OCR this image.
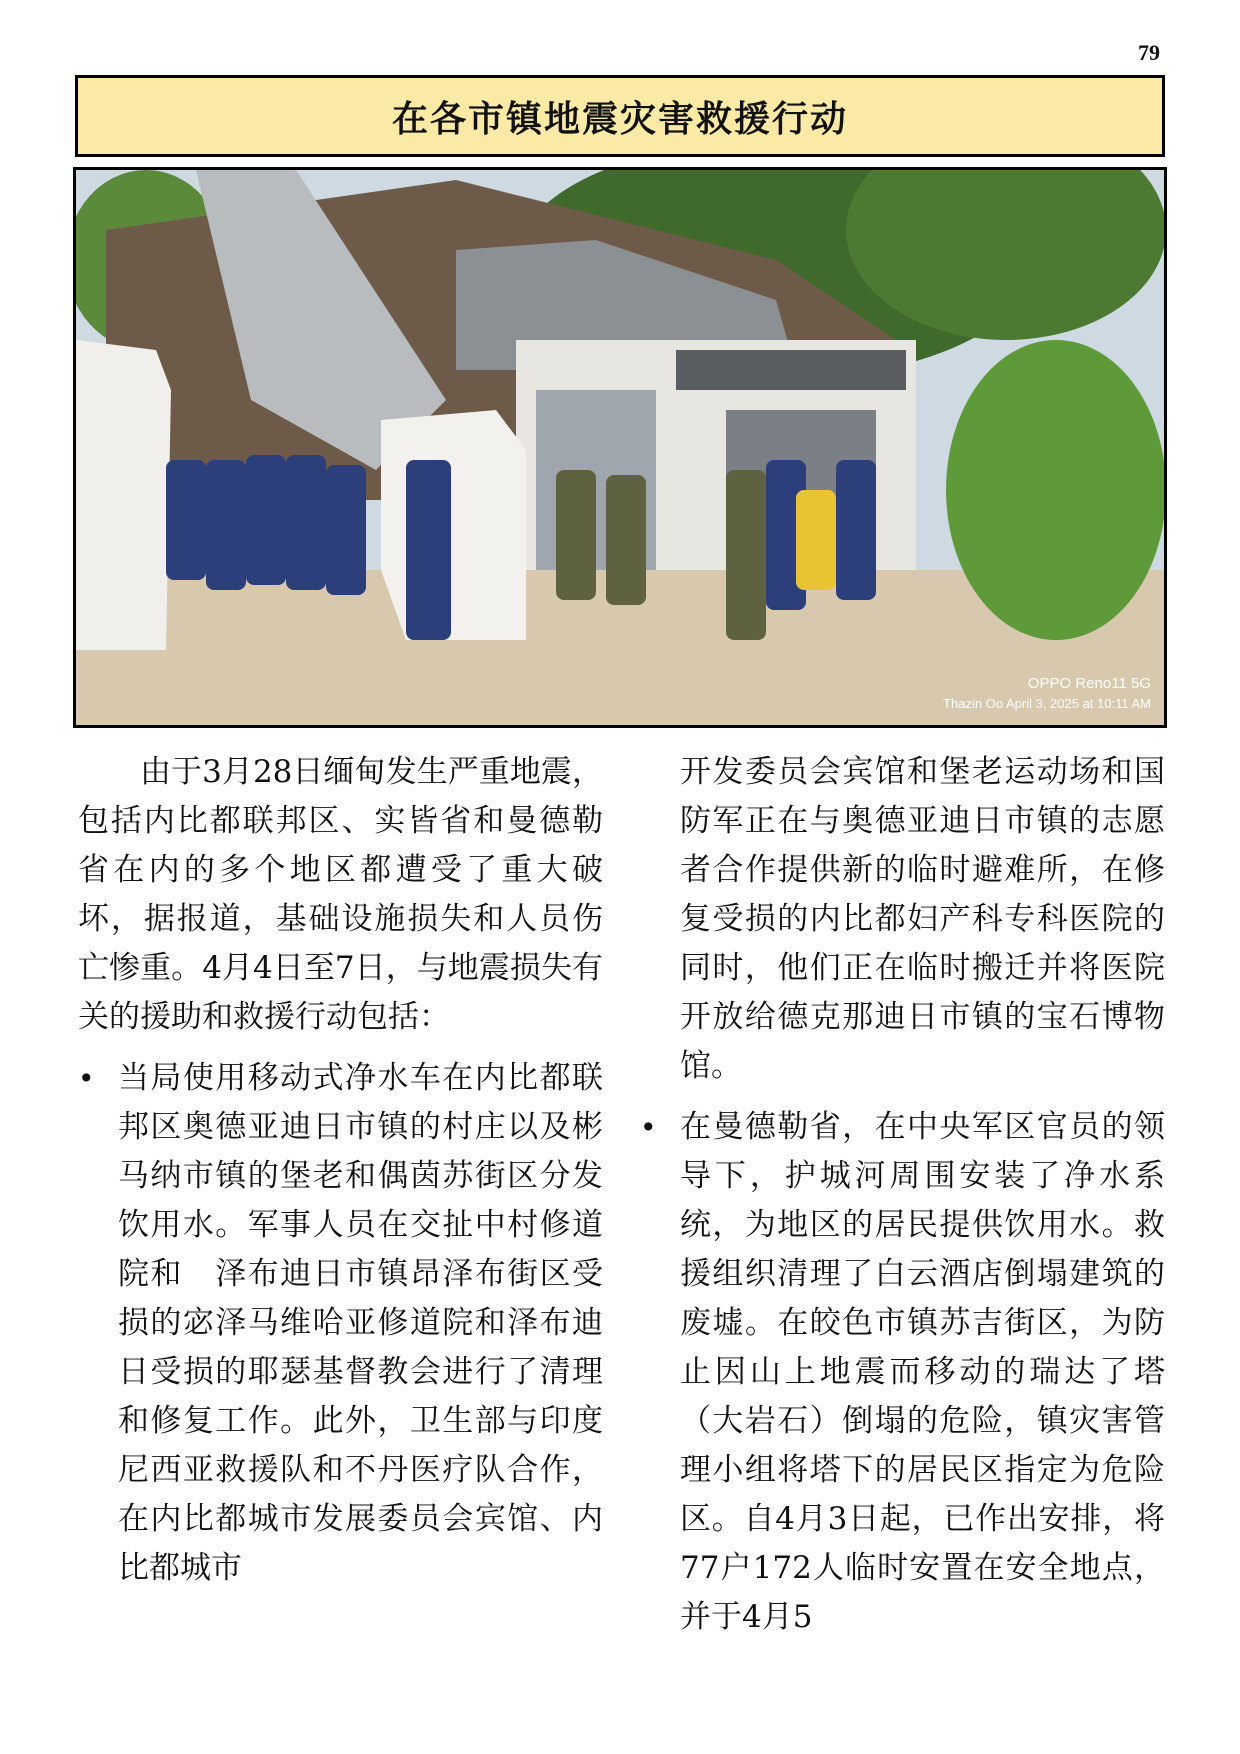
79
在各市镇地震灾害救援行动
OPPO Reno11 5G
Thazin Oo April 3, 2025 at 10:11 AM

由于3月28日缅甸发生严重地震，包括内比都联邦区、实皆省和曼德勒省在内的多个地区都遭受了重大破坏，据报道，基础设施损失和人员伤亡惨重。4月4日至7日，与地震损失有关的援助和救援行动包括：

• 当局使用移动式净水车在内比都联邦区奥德亚迪日市镇的村庄以及彬马纳市镇的堡老和偶茵苏街区分发饮用水。军事人员在交扯中村修道院和　泽布迪日市镇昂泽布街区受损的宓泽马维哈亚修道院和泽布迪日受损的耶瑟基督教会进行了清理和修复工作。此外，卫生部与印度尼西亚救援队和不丹医疗队合作，在内比都城市发展委员会宾馆、内比都城市

开发委员会宾馆和堡老运动场和国防军正在与奥德亚迪日市镇的志愿者合作提供新的临时避难所，在修复受损的内比都妇产科专科医院的同时，他们正在临时搬迁并将医院开放给德克那迪日市镇的宝石博物馆。

• 在曼德勒省，在中央军区官员的领导下，护城河周围安装了净水系统，为地区的居民提供饮用水。救援组织清理了白云酒店倒塌建筑的废墟。在皎色市镇苏吉街区，为防止因山上地震而移动的瑞达了塔（大岩石）倒塌的危险，镇灾害管理小组将塔下的居民区指定为危险区。自4月3日起，已作出安排，将77户172人临时安置在安全地点，并于4月5
